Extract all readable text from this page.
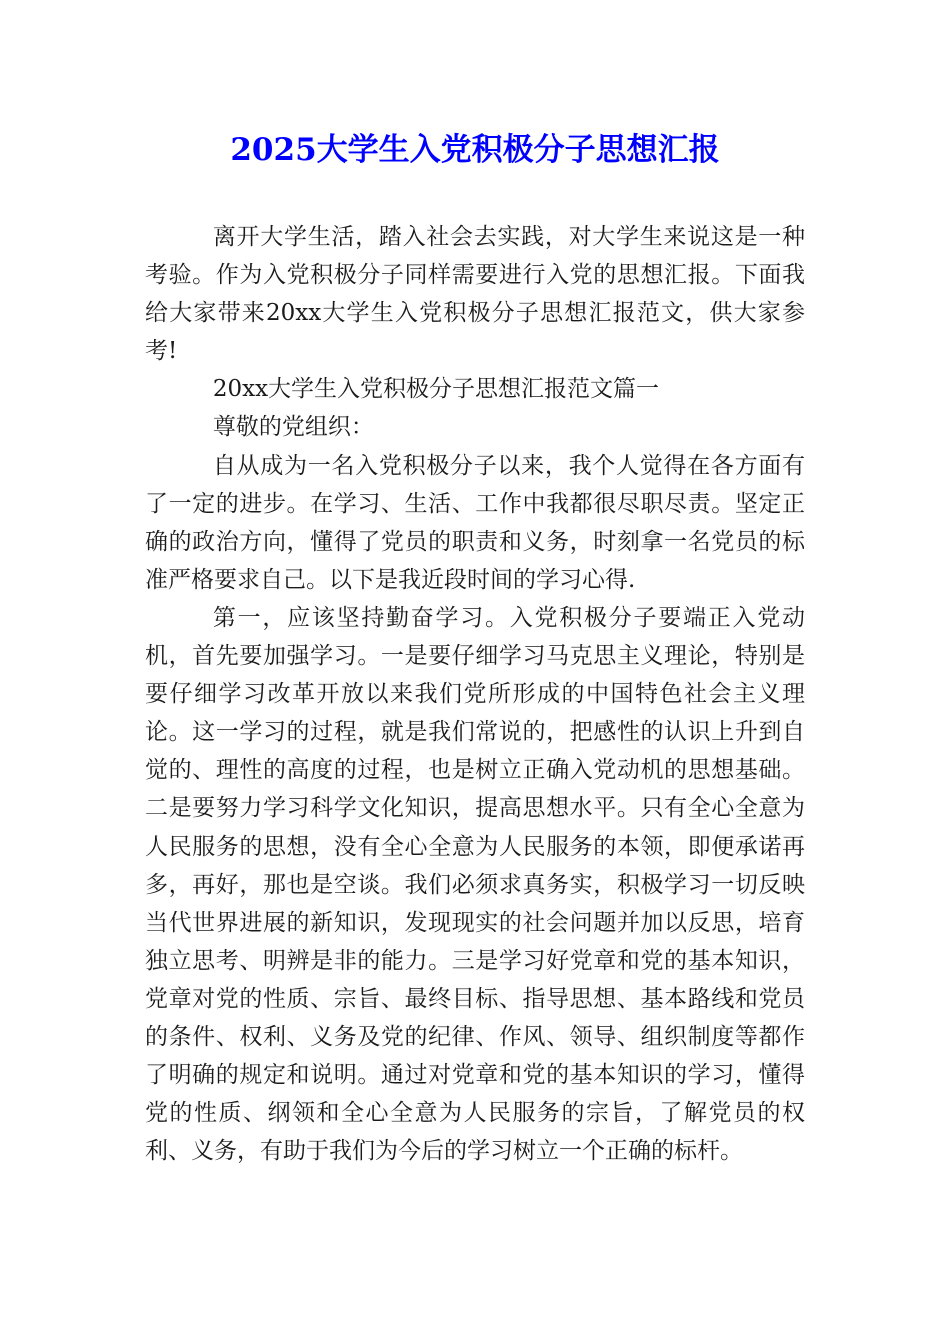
2025大学生入党积极分子思想汇报

离开大学生活，踏入社会去实践，对大学生来说这是一种考验。作为入党积极分子同样需要进行入党的思想汇报。下面我给大家带来20xx大学生入党积极分子思想汇报范文，供大家参考!

20xx大学生入党积极分子思想汇报范文篇一

尊敬的党组织：

自从成为一名入党积极分子以来，我个人觉得在各方面有了一定的进步。在学习、生活、工作中我都很尽职尽责。坚定正确的政治方向，懂得了党员的职责和义务，时刻拿一名党员的标准严格要求自己。以下是我近段时间的学习心得.

第一，应该坚持勤奋学习。入党积极分子要端正入党动机，首先要加强学习。一是要仔细学习马克思主义理论，特别是要仔细学习改革开放以来我们党所形成的中国特色社会主义理论。这一学习的过程，就是我们常说的，把感性的认识上升到自觉的、理性的高度的过程，也是树立正确入党动机的思想基础。二是要努力学习科学文化知识，提高思想水平。只有全心全意为人民服务的思想，没有全心全意为人民服务的本领，即便承诺再多，再好，那也是空谈。我们必须求真务实，积极学习一切反映当代世界进展的新知识，发现现实的社会问题并加以反思，培育独立思考、明辨是非的能力。三是学习好党章和党的基本知识，党章对党的性质、宗旨、最终目标、指导思想、基本路线和党员的条件、权利、义务及党的纪律、作风、领导、组织制度等都作了明确的规定和说明。通过对党章和党的基本知识的学习，懂得党的性质、纲领和全心全意为人民服务的宗旨，了解党员的权利、义务，有助于我们为今后的学习树立一个正确的标杆。
